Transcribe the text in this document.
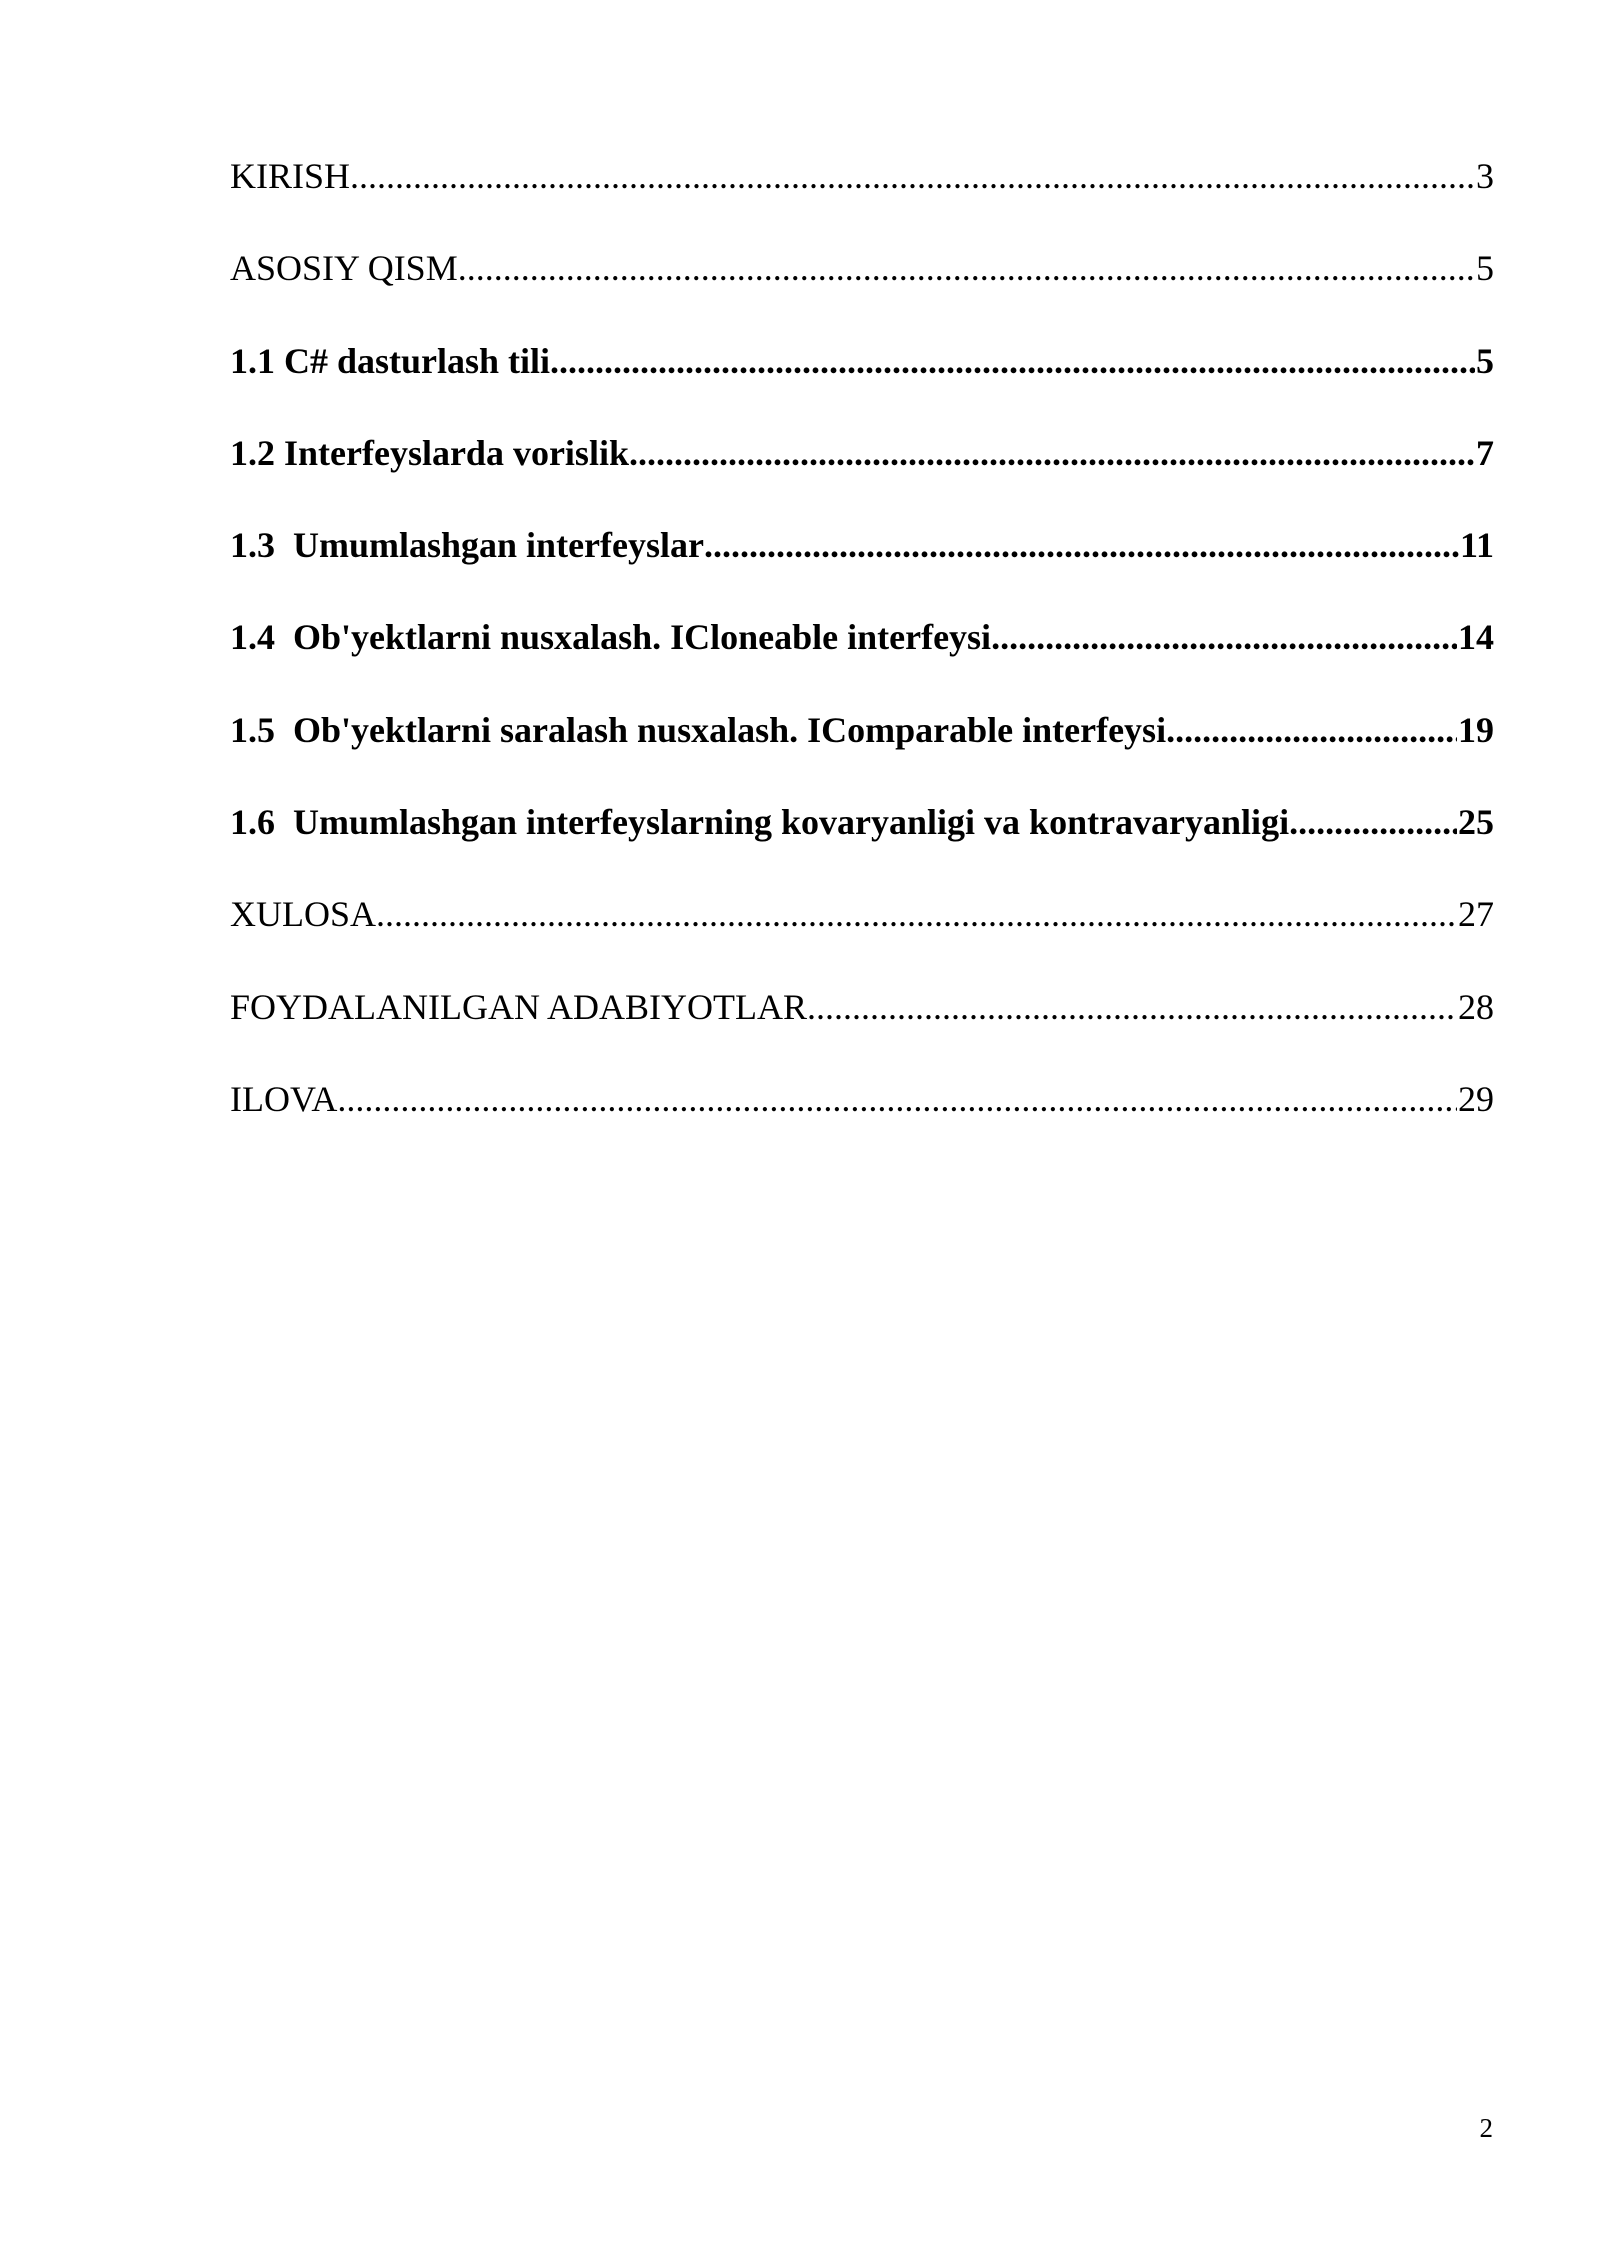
KIRISH .....	3
ASOSIY QISM .....	5
1.1 C# dasturlash tili .....	5
1.2 Interfeyslarda vorislik .....	7
1.3  Umumlashgan interfeyslar .....	11
1.4  Ob'yektlarni nusxalash. ICloneable interfeysi .....	14
1.5  Ob'yektlarni saralash nusxalash. IComparable interfeysi .....	19
1.6  Umumlashgan interfeyslarning kovaryanligi va kontravaryanligi .....	25
XULOSA .....	27
FOYDALANILGAN ADABIYOTLAR .....	28
ILOVA .....	29
2
